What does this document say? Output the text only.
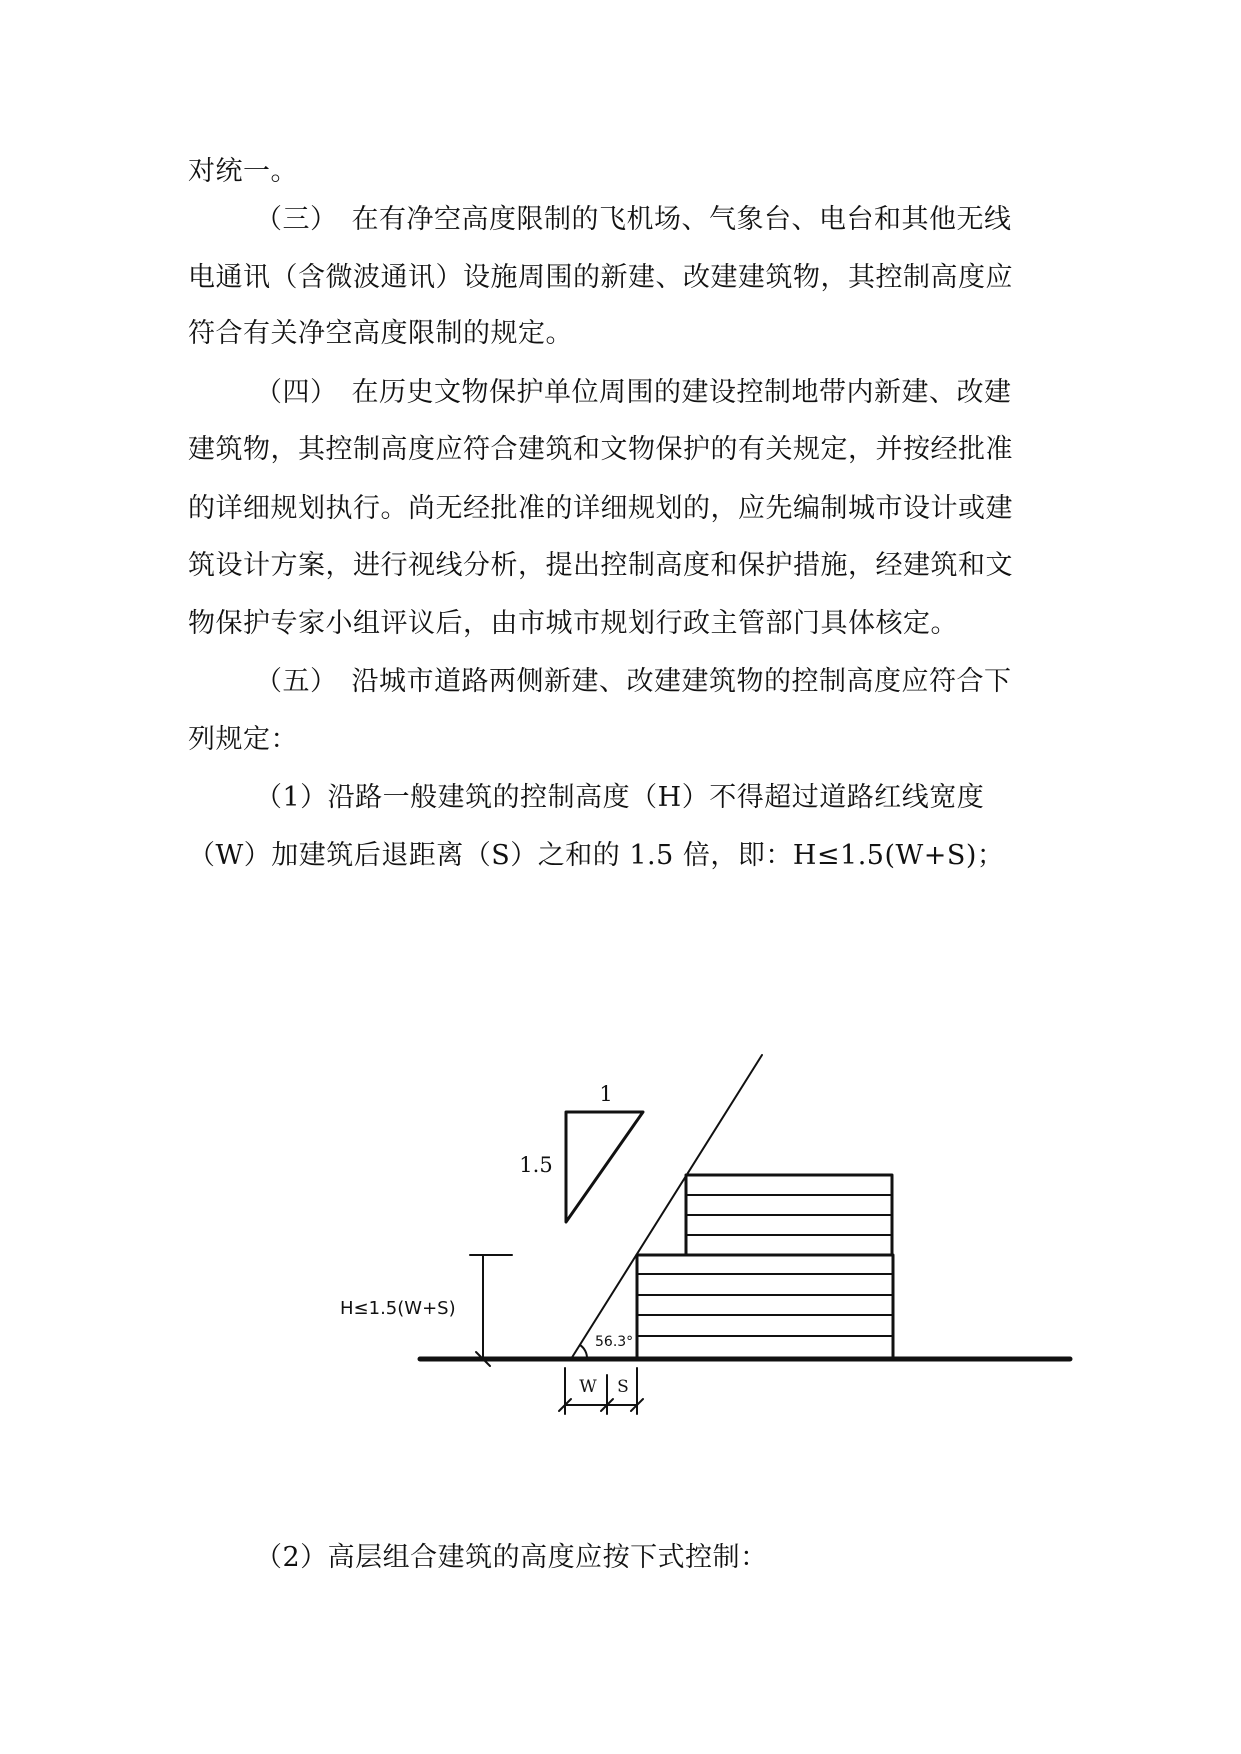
对统一。
（三）　在有净空高度限制的飞机场、气象台、电台和其他无线
电通讯（含微波通讯）设施周围的新建、改建建筑物，其控制高度应
符合有关净空高度限制的规定。
（四）　在历史文物保护单位周围的建设控制地带内新建、改建
建筑物，其控制高度应符合建筑和文物保护的有关规定，并按经批准
的详细规划执行。尚无经批准的详细规划的，应先编制城市设计或建
筑设计方案，进行视线分析，提出控制高度和保护措施，经建筑和文
物保护专家小组评议后，由市城市规划行政主管部门具体核定。
（五）　沿城市道路两侧新建、改建建筑物的控制高度应符合下
列规定：
（1）沿路一般建筑的控制高度（H）不得超过道路红线宽度
（W）加建筑后退距离（S）之和的 1.5 倍，即：H≤1.5(W+S)；
1
1.5
H≤1.5(W+S)
56.3°
W S
（2）高层组合建筑的高度应按下式控制：
